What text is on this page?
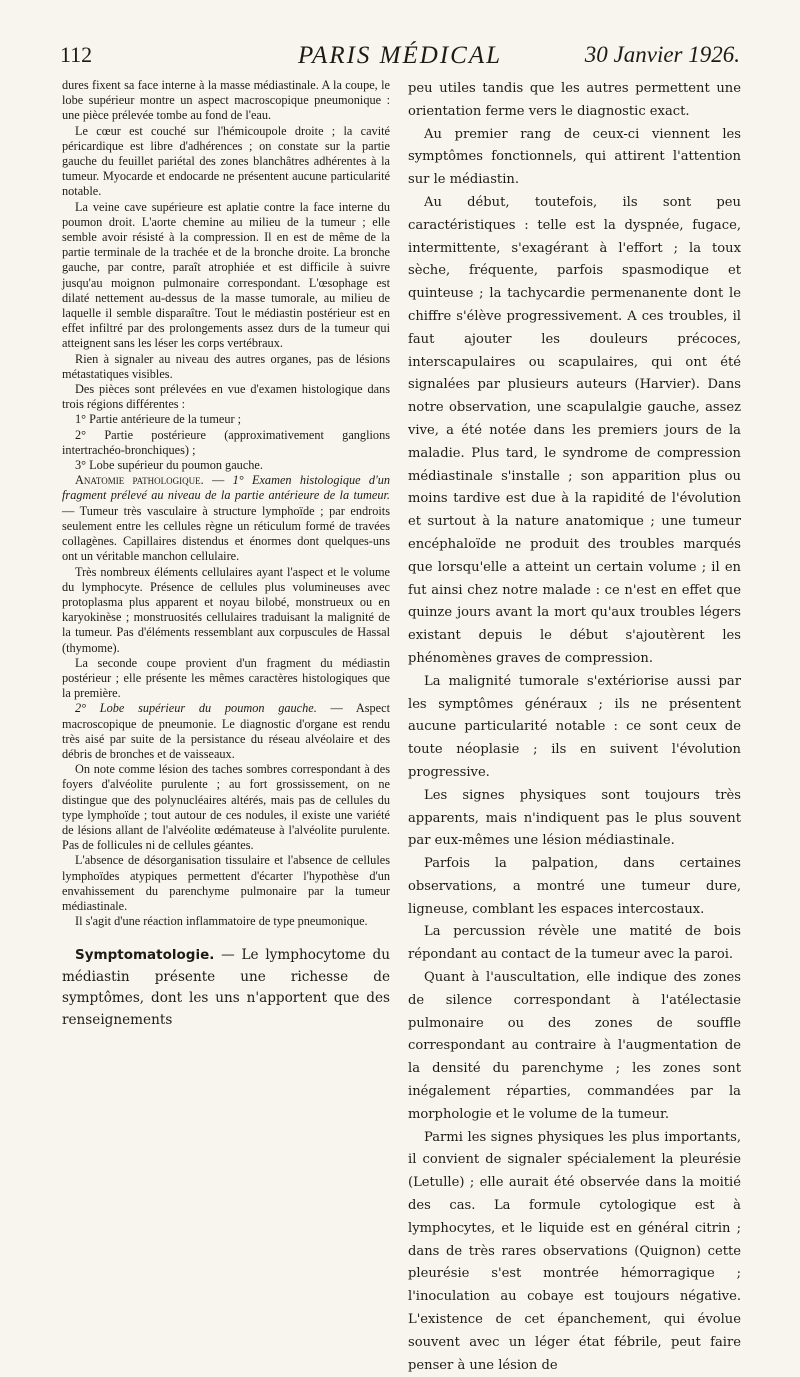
112	PARIS MÉDICAL	30 Janvier 1926.

dures fixent sa face interne à la masse médiastinale. A la coupe, le lobe supérieur montre un aspect macroscopique pneumonique : une pièce prélevée tombe au fond de l'eau.

Le cœur est couché sur l'hémicoupole droite ; la cavité péricardique est libre d'adhérences ; on constate sur la partie gauche du feuillet pariétal des zones blanchâtres adhérentes à la tumeur. Myocarde et endocarde ne présentent aucune particularité notable.

La veine cave supérieure est aplatie contre la face interne du poumon droit. L'aorte chemine au milieu de la tumeur ; elle semble avoir résisté à la compression. Il en est de même de la partie terminale de la trachée et de la bronche droite. La bronche gauche, par contre, paraît atrophiée et est difficile à suivre jusqu'au moignon pulmonaire correspondant. L'œsophage est dilaté nettement au-dessus de la masse tumorale, au milieu de laquelle il semble disparaître. Tout le médiastin postérieur est en effet infiltré par des prolongements assez durs de la tumeur qui atteignent sans les léser les corps vertébraux.

Rien à signaler au niveau des autres organes, pas de lésions métastatiques visibles.

Des pièces sont prélevées en vue d'examen histologique dans trois régions différentes :

1° Partie antérieure de la tumeur ;

2° Partie postérieure (approximativement ganglions intertrachéo-bronchiques) ;

3° Lobe supérieur du poumon gauche.

Anatomie pathologique. — 1° Examen histologique d'un fragment prélevé au niveau de la partie antérieure de la tumeur. — Tumeur très vasculaire à structure lymphoïde ; par endroits seulement entre les cellules règne un réticulum formé de travées collagènes. Capillaires distendus et énormes dont quelques-uns ont un véritable manchon cellulaire.

Très nombreux éléments cellulaires ayant l'aspect et le volume du lymphocyte. Présence de cellules plus volumineuses avec protoplasma plus apparent et noyau bilobé, monstrueux ou en karyokinèse ; monstruosités cellulaires traduisant la malignité de la tumeur. Pas d'éléments ressemblant aux corpuscules de Hassal (thymome).

La seconde coupe provient d'un fragment du médiastin postérieur ; elle présente les mêmes caractères histologiques que la première.

2° Lobe supérieur du poumon gauche. — Aspect macroscopique de pneumonie. Le diagnostic d'organe est rendu très aisé par suite de la persistance du réseau alvéolaire et des débris de bronches et de vaisseaux.

On note comme lésion des taches sombres correspondant à des foyers d'alvéolite purulente ; au fort grossissement, on ne distingue que des polynucléaires altérés, mais pas de cellules du type lymphoïde ; tout autour de ces nodules, il existe une variété de lésions allant de l'alvéolite œdémateuse à l'alvéolite purulente. Pas de follicules ni de cellules géantes.

L'absence de désorganisation tissulaire et l'absence de cellules lymphoïdes atypiques permettent d'écarter l'hypothèse d'un envahissement du parenchyme pulmonaire par la tumeur médiastinale.

Il s'agit d'une réaction inflammatoire de type pneumonique.

Symptomatologie. — Le lymphocytome du médiastin présente une richesse de symptômes, dont les uns n'apportent que des renseignements

peu utiles tandis que les autres permettent une orientation ferme vers le diagnostic exact.

Au premier rang de ceux-ci viennent les symptômes fonctionnels, qui attirent l'attention sur le médiastin.

Au début, toutefois, ils sont peu caractéristiques : telle est la dyspnée, fugace, intermittente, s'exagérant à l'effort ; la toux sèche, fréquente, parfois spasmodique et quinteuse ; la tachycardie permenanente dont le chiffre s'élève progressivement. A ces troubles, il faut ajouter les douleurs précoces, interscapulaires ou scapulaires, qui ont été signalées par plusieurs auteurs (Harvier). Dans notre observation, une scapulalgie gauche, assez vive, a été notée dans les premiers jours de la maladie. Plus tard, le syndrome de compression médiastinale s'installe ; son apparition plus ou moins tardive est due à la rapidité de l'évolution et surtout à la nature anatomique ; une tumeur encéphaloïde ne produit des troubles marqués que lorsqu'elle a atteint un certain volume ; il en fut ainsi chez notre malade : ce n'est en effet que quinze jours avant la mort qu'aux troubles légers existant depuis le début s'ajoutèrent les phénomènes graves de compression.

La malignité tumorale s'extériorise aussi par les symptômes généraux ; ils ne présentent aucune particularité notable : ce sont ceux de toute néoplasie ; ils en suivent l'évolution progressive.

Les signes physiques sont toujours très apparents, mais n'indiquent pas le plus souvent par eux-mêmes une lésion médiastinale.

Parfois la palpation, dans certaines observations, a montré une tumeur dure, ligneuse, comblant les espaces intercostaux.

La percussion révèle une matité de bois répondant au contact de la tumeur avec la paroi.

Quant à l'auscultation, elle indique des zones de silence correspondant à l'atélectasie pulmonaire ou des zones de souffle correspondant au contraire à l'augmentation de la densité du parenchyme ; les zones sont inégalement réparties, commandées par la morphologie et le volume de la tumeur.

Parmi les signes physiques les plus importants, il convient de signaler spécialement la pleurésie (Letulle) ; elle aurait été observée dans la moitié des cas. La formule cytologique est à lymphocytes, et le liquide est en général citrin ; dans de très rares observations (Quignon) cette pleurésie s'est montrée hémorragique ; l'inoculation au cobaye est toujours négative. L'existence de cet épanchement, qui évolue souvent avec un léger état fébrile, peut faire penser à une lésion de
